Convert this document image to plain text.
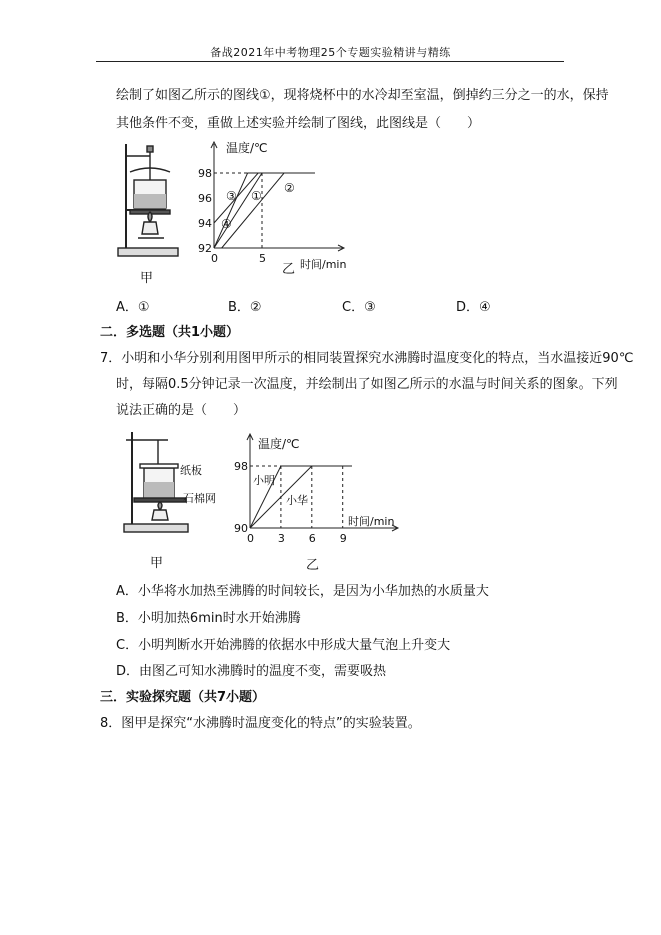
备战2021年中考物理25个专题实验精讲与精练
绘制了如图乙所示的图线①，现将烧杯中的水冷却至室温，倒掉约三分之一的水，保持
其他条件不变，重做上述实验并绘制了图线，此图线是（　　）
甲
温度/℃
时间/min
92
94
96
98
0	5
①
②
③
④
乙
A．①	B．②	C．③	D．④
二．多选题（共1小题）
7．小明和小华分别利用图甲所示的相同装置探究水沸腾时温度变化的特点，当水温接近90℃
时，每隔0.5分钟记录一次温度，并绘制出了如图乙所示的水温与时间关系的图象。下列
说法正确的是（　　）
纸板
石棉网
甲
温度/℃
时间/min
90
98
0 3 6 9
小明
小华
乙
A．小华将水加热至沸腾的时间较长，是因为小华加热的水质量大
B．小明加热6min时水开始沸腾
C．小明判断水开始沸腾的依据水中形成大量气泡上升变大
D．由图乙可知水沸腾时的温度不变，需要吸热
三．实验探究题（共7小题）
8．图甲是探究“水沸腾时温度变化的特点”的实验装置。
